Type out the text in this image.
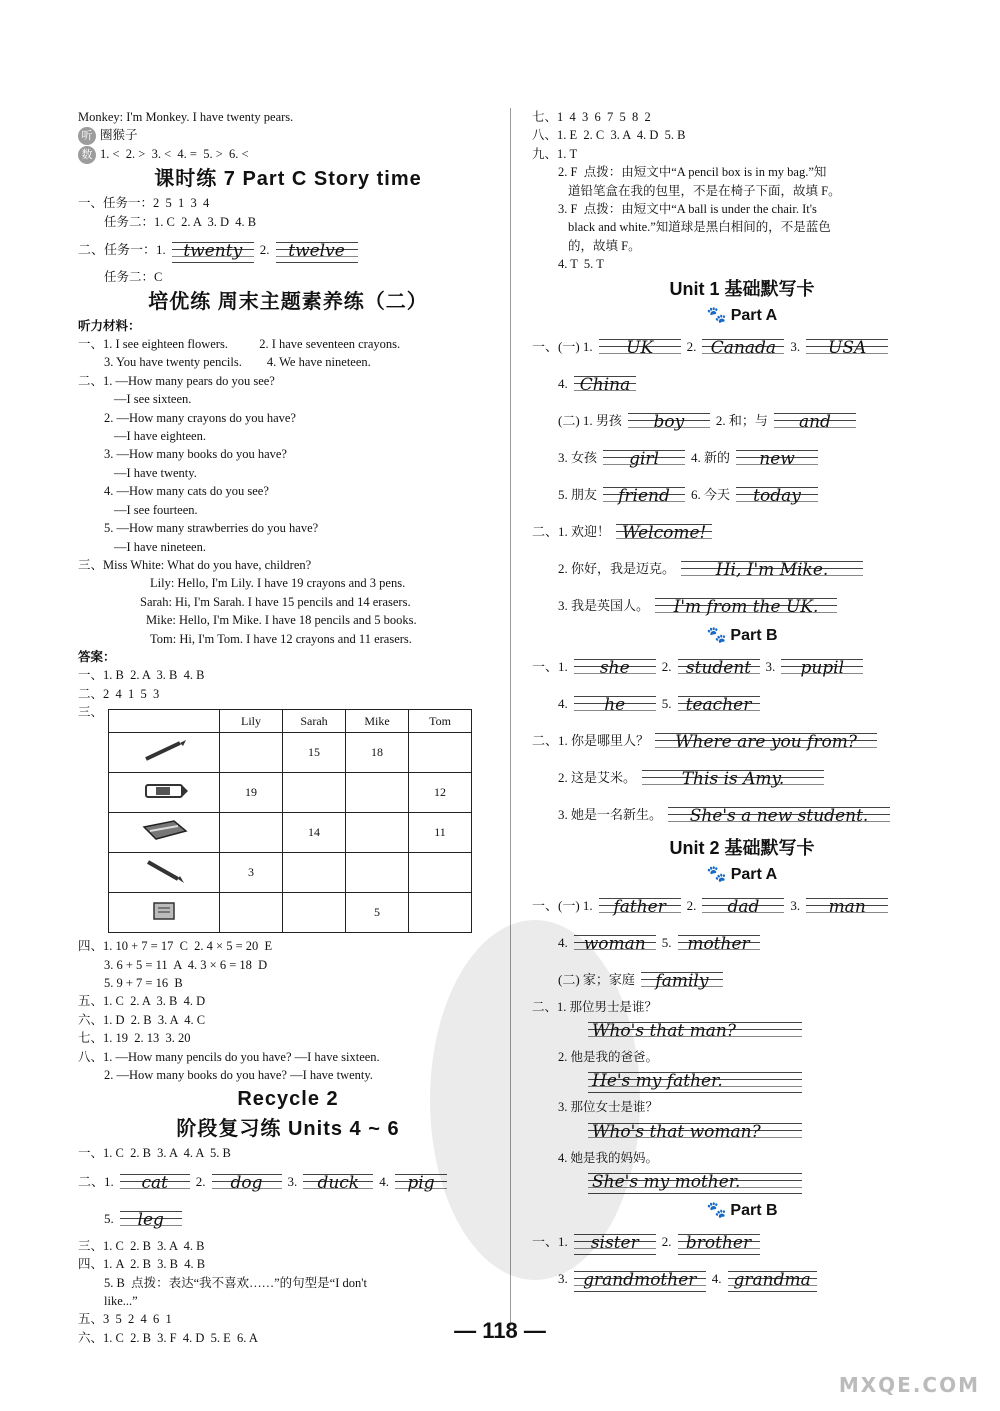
Monkey: I'm Monkey. I have twenty pears.
听 圈猴子
数 1. <  2. >  3. <  4. =  5. >  6. <
课时练 7 Part C Story time
一、任务一：2  5  1  3  4
任务二：1. C  2. A  3. D  4. B
二、任务一：1. twenty 2. twelve
任务二：C
培优练 周末主题素养练（二）
听力材料：
一、1. I see eighteen flowers.          2. I have seventeen crayons.
3. You have twenty pencils.        4. We have nineteen.
二、1. —How many pears do you see?
—I see sixteen.
2. —How many crayons do you have?
—I have eighteen.
3. —How many books do you have?
—I have twenty.
4. —How many cats do you see?
—I see fourteen.
5. —How many strawberries do you have?
—I have nineteen.
三、Miss White: What do you have, children?
Lily: Hello, I'm Lily. I have 19 crayons and 3 pens.
Sarah: Hi, I'm Sarah. I have 15 pencils and 14 erasers.
Mike: Hello, I'm Mike. I have 18 pencils and 5 books.
Tom: Hi, I'm Tom. I have 12 crayons and 11 erasers.
答案：
一、1. B  2. A  3. B  4. B
二、2  4  1  5  3
三、
	Lily	Sarah	Mike	Tom
		15	18	
	19			12
		14		11
	3			
			5	
四、1. 10 + 7 = 17  C  2. 4 × 5 = 20  E
3. 6 + 5 = 11  A  4. 3 × 6 = 18  D
5. 9 + 7 = 16  B
五、1. C  2. A  3. B  4. D
六、1. D  2. B  3. A  4. C
七、1. 19  2. 13  3. 20
八、1. —How many pencils do you have? —I have sixteen.
2. —How many books do you have? —I have twenty.
Recycle 2
阶段复习练 Units 4 ~ 6
一、1. C  2. B  3. A  4. A  5. B
二、1. cat 2. dog 3. duck 4. pig
5. leg
三、1. C  2. B  3. A  4. B
四、1. A  2. B  3. B  4. B
5. B  点拨：表达“我不喜欢……”的句型是“I don't
like...”
五、3  5  2  4  6  1
六、1. C  2. B  3. F  4. D  5. E  6. A
七、1  4  3  6  7  5  8  2
八、1. E  2. C  3. A  4. D  5. B
九、1. T
2. F  点拨：由短文中“A pencil box is in my bag.”知
道铅笔盒在我的包里，不是在椅子下面，故填 F。
3. F  点拨：由短文中“A ball is under the chair. It's
black and white.”知道球是黑白相间的，不是蓝色
的，故填 F。
4. T  5. T
Unit 1 基础默写卡
🐾 Part A
一、(一) 1. UK	2. Canada 3. USA
4. China
(二) 1. 男孩 boy 2. 和；与 and
3. 女孩 girl 4. 新的 new
5. 朋友 friend 6. 今天 today
二、1. 欢迎！ Welcome!
2. 你好，我是迈克。 Hi, I'm Mike.
3. 我是英国人。 I'm from the UK.
🐾 Part B
一、1. she 2. student 3. pupil
4. he	5. teacher
二、1. 你是哪里人？ Where are you from?
2. 这是艾米。	This is Amy.
3. 她是一名新生。 She's a new student.
Unit 2 基础默写卡
🐾 Part A
一、(一) 1. father 2. dad 3. man
4. woman 5. mother
(二) 家；家庭 family
二、1. 那位男士是谁？
Who's that man?
2. 他是我的爸爸。
He's my father.
3. 那位女士是谁？
Who's that woman?
4. 她是我的妈妈。
She's my mother.
🐾 Part B
一、1. sister 2. brother
3. grandmother 4. grandma
— 118 —
MXQE.COM
